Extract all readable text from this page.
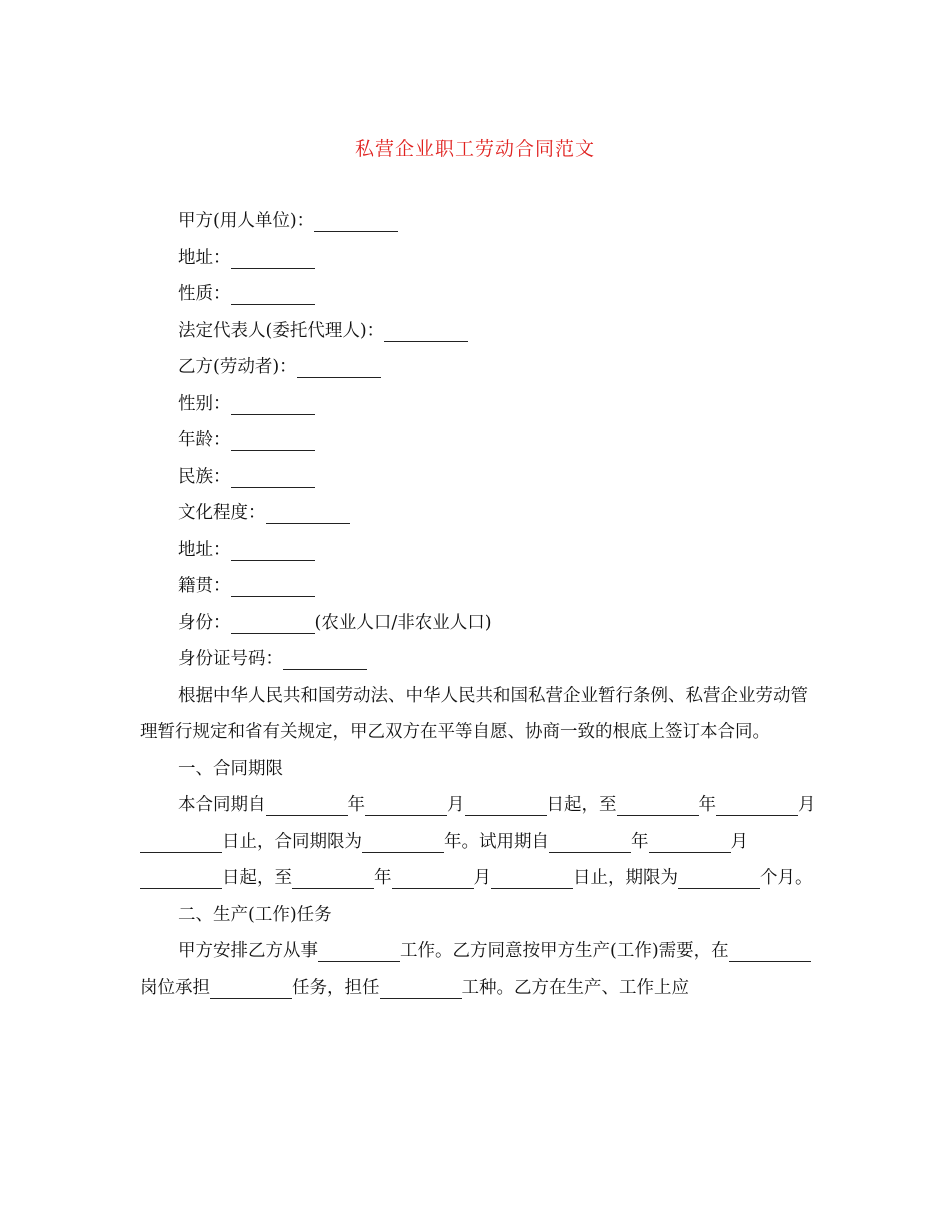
私营企业职工劳动合同范文
甲方(用人单位)：
地址：
性质：
法定代表人(委托代理人)：
乙方(劳动者)：
性别：
年龄：
民族：
文化程度：
地址：
籍贯：
身份：	(农业人口/非农业人口)
身份证号码：

根据中华人民共和国劳动法、中华人民共和国私营企业暂行条例、私营企业劳动管理暂行规定和省有关规定，甲乙双方在平等自愿、协商一致的根底上签订本合同。

一、合同期限

本合同期自	年	月	日起，至	年	月日止，合同期限为	年。试用期自	年	月日起，至	年	月	日止，期限为	个月。

二、生产(工作)任务

甲方安排乙方从事	工作。乙方同意按甲方生产(工作)需要，在岗位承担	任务，担任	工种。乙方在生产、工作上应
